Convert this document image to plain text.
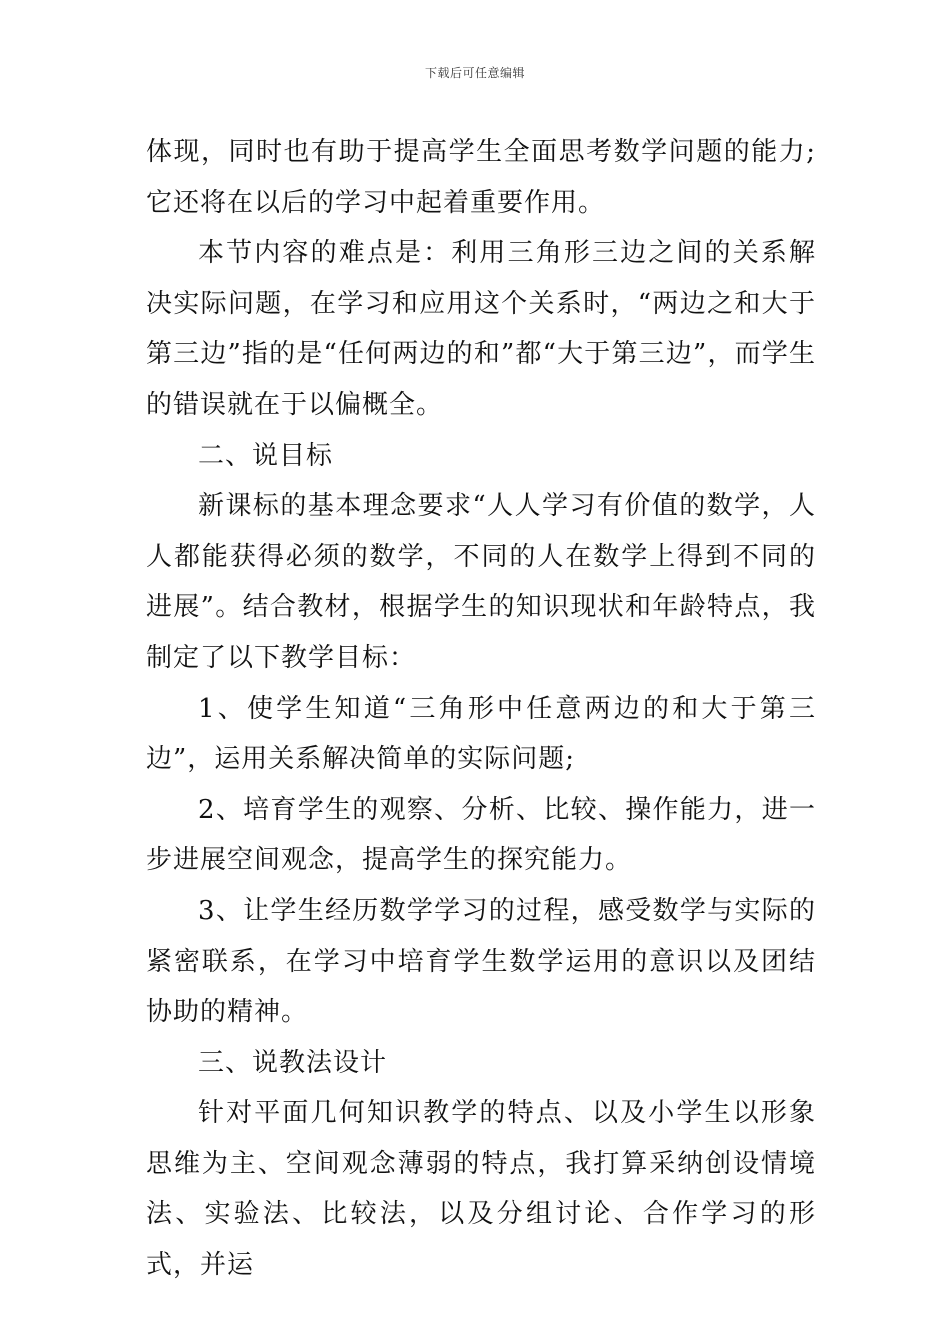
下载后可任意编辑

体现，同时也有助于提高学生全面思考数学问题的能力;它还将在以后的学习中起着重要作用。

本节内容的难点是：利用三角形三边之间的关系解决实际问题，在学习和应用这个关系时，“两边之和大于第三边”指的是“任何两边的和”都“大于第三边”，而学生的错误就在于以偏概全。

二、说目标

新课标的基本理念要求“人人学习有价值的数学，人人都能获得必须的数学，不同的人在数学上得到不同的进展”。结合教材，根据学生的知识现状和年龄特点，我制定了以下教学目标：

1、使学生知道“三角形中任意两边的和大于第三边”，运用关系解决简单的实际问题;

2、培育学生的观察、分析、比较、操作能力，进一步进展空间观念，提高学生的探究能力。

3、让学生经历数学学习的过程，感受数学与实际的紧密联系，在学习中培育学生数学运用的意识以及团结协助的精神。

三、说教法设计

针对平面几何知识教学的特点、以及小学生以形象思维为主、空间观念薄弱的特点，我打算采纳创设情境法、实验法、比较法，以及分组讨论、合作学习的形式，并运
